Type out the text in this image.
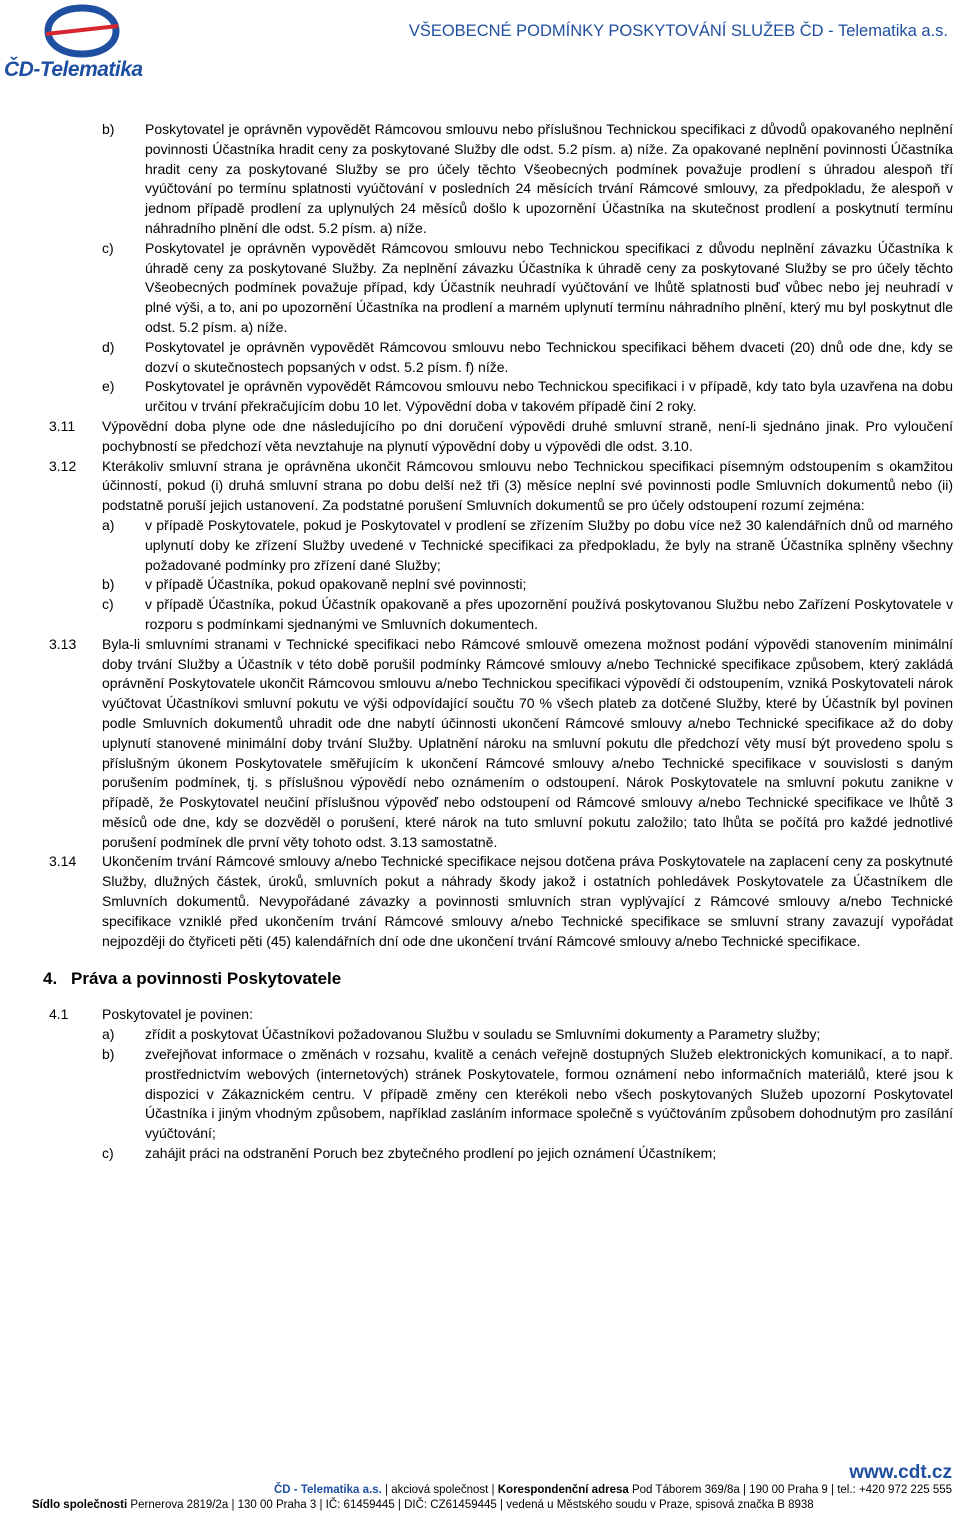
ČD-Telematika
VŠEOBECNÉ PODMÍNKY POSKYTOVÁNÍ SLUŽEB ČD - Telematika a.s.
b)	Poskytovatel je oprávněn vypovědět Rámcovou smlouvu nebo příslušnou Technickou specifikaci z důvodů opakovaného neplnění povinnosti Účastníka hradit ceny za poskytované Služby dle odst. 5.2 písm. a) níže. Za opakované neplnění povinnosti Účastníka hradit ceny za poskytované Služby se pro účely těchto Všeobecných podmínek považuje prodlení s úhradou alespoň tří vyúčtování po termínu splatnosti vyúčtování v posledních 24 měsících trvání Rámcové smlouvy, za předpokladu, že alespoň v jednom případě prodlení za uplynulých 24 měsíců došlo k upozornění Účastníka na skutečnost prodlení a poskytnutí termínu náhradního plnění dle odst. 5.2 písm. a) níže.
c)	Poskytovatel je oprávněn vypovědět Rámcovou smlouvu nebo Technickou specifikaci z důvodu neplnění závazku Účastníka k úhradě ceny za poskytované Služby. Za neplnění závazku Účastníka k úhradě ceny za poskytované Služby se pro účely těchto Všeobecných podmínek považuje případ, kdy Účastník neuhradí vyúčtování ve lhůtě splatnosti buď vůbec nebo jej neuhradí v plné výši, a to, ani po upozornění Účastníka na prodlení a marném uplynutí termínu náhradního plnění, který mu byl poskytnut dle odst. 5.2 písm. a) níže.
d)	Poskytovatel je oprávněn vypovědět Rámcovou smlouvu nebo Technickou specifikaci během dvaceti (20) dnů ode dne, kdy se dozví o skutečnostech popsaných v odst. 5.2 písm. f) níže.
e)	Poskytovatel je oprávněn vypovědět Rámcovou smlouvu nebo Technickou specifikaci i v případě, kdy tato byla uzavřena na dobu určitou v trvání překračujícím dobu 10 let. Výpovědní doba v takovém případě činí 2 roky.
3.11	Výpovědní doba plyne ode dne následujícího po dni doručení výpovědi druhé smluvní straně, není-li sjednáno jinak. Pro vyloučení pochybností se předchozí věta nevztahuje na plynutí výpovědní doby u výpovědi dle odst. 3.10.
3.12	Kterákoliv smluvní strana je oprávněna ukončit Rámcovou smlouvu nebo Technickou specifikaci písemným odstoupením s okamžitou účinností, pokud (i) druhá smluvní strana po dobu delší než tři (3) měsíce neplní své povinnosti podle Smluvních dokumentů nebo (ii) podstatně poruší jejich ustanovení. Za podstatné porušení Smluvních dokumentů se pro účely odstoupení rozumí zejména:
a)	v případě Poskytovatele, pokud je Poskytovatel v prodlení se zřízením Služby po dobu více než 30 kalendářních dnů od marného uplynutí doby ke zřízení Služby uvedené v Technické specifikaci za předpokladu, že byly na straně Účastníka splněny všechny požadované podmínky pro zřízení dané Služby;
b)	v případě Účastníka, pokud opakovaně neplní své povinnosti;
c)	v případě Účastníka, pokud Účastník opakovaně a přes upozornění používá poskytovanou Službu nebo Zařízení Poskytovatele v rozporu s podmínkami sjednanými ve Smluvních dokumentech.
3.13	Byla-li smluvními stranami v Technické specifikaci nebo Rámcové smlouvě omezena možnost podání výpovědi stanovením minimální doby trvání Služby a Účastník v této době porušil podmínky Rámcové smlouvy a/nebo Technické specifikace způsobem, který zakládá oprávnění Poskytovatele ukončit Rámcovou smlouvu a/nebo Technickou specifikaci výpovědí či odstoupením, vzniká Poskytovateli nárok vyúčtovat Účastníkovi smluvní pokutu ve výši odpovídající součtu 70 % všech plateb za dotčené Služby, které by Účastník byl povinen podle Smluvních dokumentů uhradit ode dne nabytí účinnosti ukončení Rámcové smlouvy a/nebo Technické specifikace až do doby uplynutí stanovené minimální doby trvání Služby. Uplatnění nároku na smluvní pokutu dle předchozí věty musí být provedeno spolu s příslušným úkonem Poskytovatele směřujícím k ukončení Rámcové smlouvy a/nebo Technické specifikace v souvislosti s daným porušením podmínek, tj. s příslušnou výpovědí nebo oznámením o odstoupení. Nárok Poskytovatele na smluvní pokutu zanikne v případě, že Poskytovatel neučiní příslušnou výpověď nebo odstoupení od Rámcové smlouvy a/nebo Technické specifikace ve lhůtě 3 měsíců ode dne, kdy se dozvěděl o porušení, které nárok na tuto smluvní pokutu založilo; tato lhůta se počítá pro každé jednotlivé porušení podmínek dle první věty tohoto odst. 3.13 samostatně.
3.14	Ukončením trvání Rámcové smlouvy a/nebo Technické specifikace nejsou dotčena práva Poskytovatele na zaplacení ceny za poskytnuté Služby, dlužných částek, úroků, smluvních pokut a náhrady škody jakož i ostatních pohledávek Poskytovatele za Účastníkem dle Smluvních dokumentů. Nevypořádané závazky a povinnosti smluvních stran vyplývající z Rámcové smlouvy a/nebo Technické specifikace vzniklé před ukončením trvání Rámcové smlouvy a/nebo Technické specifikace se smluvní strany zavazují vypořádat nejpozději do čtyřiceti pěti (45) kalendářních dní ode dne ukončení trvání Rámcové smlouvy a/nebo Technické specifikace.
4. Práva a povinnosti Poskytovatele
4.1	Poskytovatel je povinen:
a)	zřídit a poskytovat Účastníkovi požadovanou Službu v souladu se Smluvními dokumenty a Parametry služby;
b)	zveřejňovat informace o změnách v rozsahu, kvalitě a cenách veřejně dostupných Služeb elektronických komunikací, a to např. prostřednictvím webových (internetových) stránek Poskytovatele, formou oznámení nebo informačních materiálů, které jsou k dispozici v Zákaznickém centru. V případě změny cen kterékoli nebo všech poskytovaných Služeb upozorní Poskytovatel Účastníka i jiným vhodným způsobem, například zasláním informace společně s vyúčtováním způsobem dohodnutým pro zasílání vyúčtování;
c)	zahájit práci na odstranění Poruch bez zbytečného prodlení po jejich oznámení Účastníkem;
www.cdt.cz
ČD - Telematika a.s. | akciová společnost | Korespondenční adresa Pod Táborem 369/8a | 190 00 Praha 9 | tel.: +420 972 225 555
Sídlo společnosti Pernerova 2819/2a | 130 00 Praha 3 | IČ: 61459445 | DIČ: CZ61459445 | vedená u Městského soudu v Praze, spisová značka B 8938
